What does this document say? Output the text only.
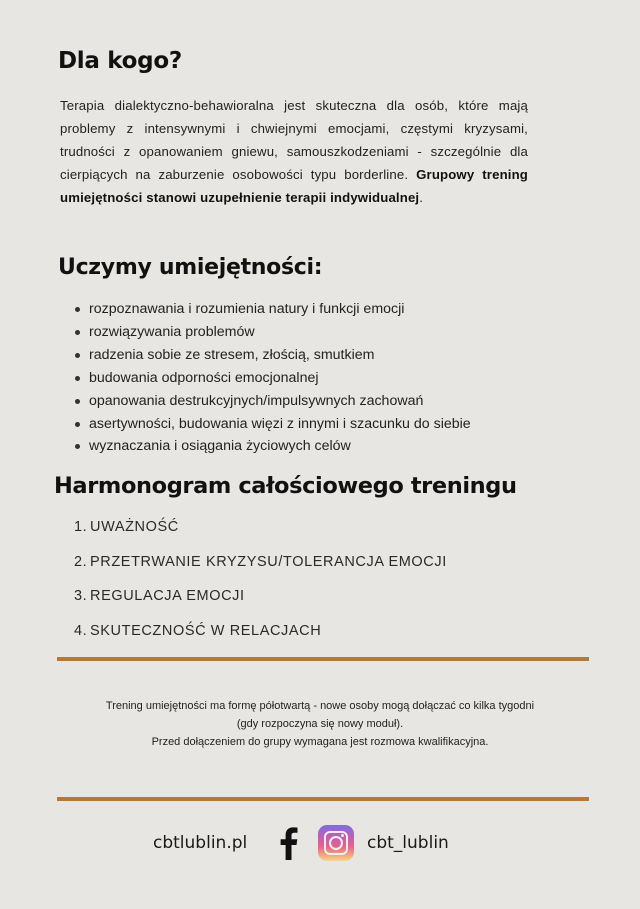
Dla kogo?

Terapia dialektyczno-behawioralna jest skuteczna dla osób, które mają problemy z intensywnymi i chwiejnymi emocjami, częstymi kryzysami, trudności z opanowaniem gniewu, samouszkodzeniami - szczególnie dla cierpiących na zaburzenie osobowości typu borderline. Grupowy trening umiejętności stanowi uzupełnienie terapii indywidualnej.

Uczymy umiejętności:
rozpoznawania i rozumienia natury i funkcji emocji
rozwiązywania problemów
radzenia sobie ze stresem, złością, smutkiem
budowania odporności emocjonalnej
opanowania destrukcyjnych/impulsywnych zachowań
asertywności, budowania więzi z innymi i szacunku do siebie
wyznaczania i osiągania życiowych celów
Harmonogram całościowego treningu
1. UWAŻNOŚĆ
2. PRZETRWANIE KRYZYSU/TOLERANCJA EMOCJI
3. REGULACJA EMOCJI
4. SKUTECZNOŚĆ W RELACJACH
Trening umiejętności ma formę półotwartą - nowe osoby mogą dołączać co kilka tygodni
(gdy rozpoczyna się nowy moduł).
Przed dołączeniem do grupy wymagana jest rozmowa kwalifikacyjna.
cbtlublin.pl	cbt_lublin
